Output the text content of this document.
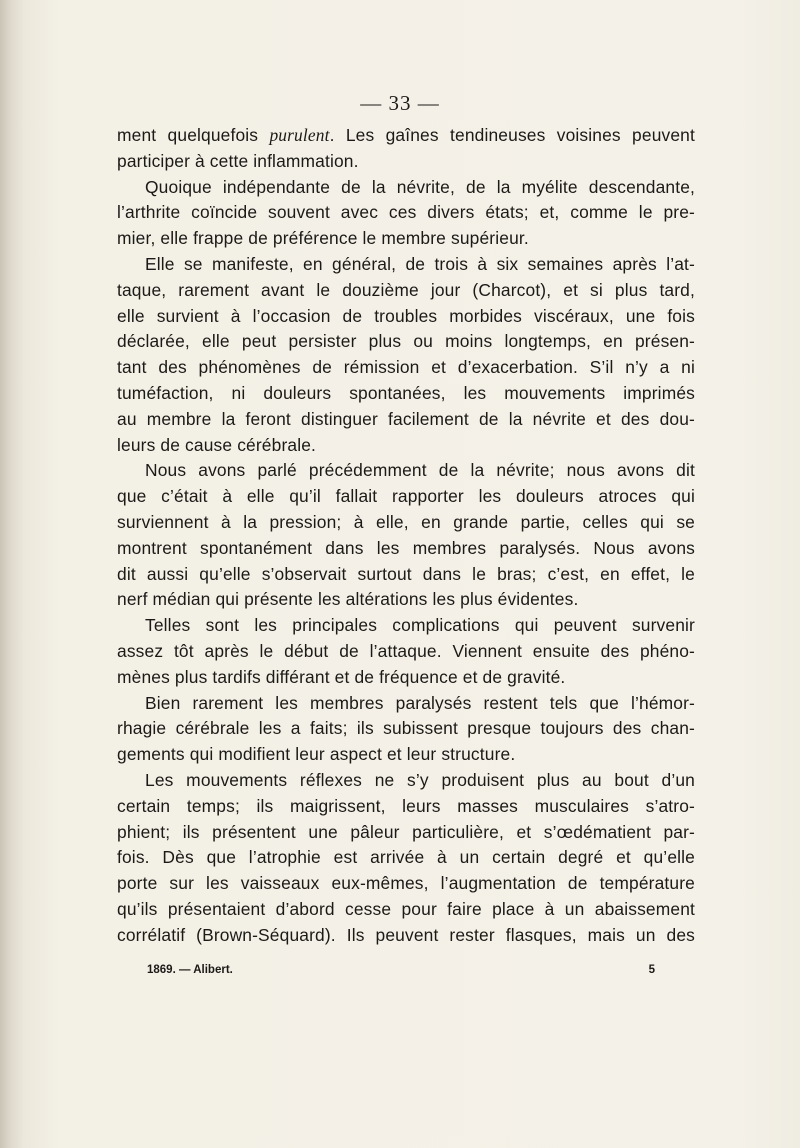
— 33 —
ment quelquefois purulent. Les gaînes tendineuses voisines peuvent
participer à cette inflammation.
Quoique indépendante de la névrite, de la myélite descendante,
l’arthrite coïncide souvent avec ces divers états; et, comme le pre-
mier, elle frappe de préférence le membre supérieur.
Elle se manifeste, en général, de trois à six semaines après l’at-
taque, rarement avant le douzième jour (Charcot), et si plus tard,
elle survient à l’occasion de troubles morbides viscéraux, une fois
déclarée, elle peut persister plus ou moins longtemps, en présen-
tant des phénomènes de rémission et d’exacerbation. S’il n’y a ni
tuméfaction, ni douleurs spontanées, les mouvements imprimés
au membre la feront distinguer facilement de la névrite et des dou-
leurs de cause cérébrale.
Nous avons parlé précédemment de la névrite; nous avons dit
que c’était à elle qu’il fallait rapporter les douleurs atroces qui
surviennent à la pression; à elle, en grande partie, celles qui se
montrent spontanément dans les membres paralysés. Nous avons
dit aussi qu’elle s’observait surtout dans le bras; c’est, en effet, le
nerf médian qui présente les altérations les plus évidentes.
Telles sont les principales complications qui peuvent survenir
assez tôt après le début de l’attaque. Viennent ensuite des phéno-
mènes plus tardifs différant et de fréquence et de gravité.
Bien rarement les membres paralysés restent tels que l’hémor-
rhagie cérébrale les a faits; ils subissent presque toujours des chan-
gements qui modifient leur aspect et leur structure.
Les mouvements réflexes ne s’y produisent plus au bout d’un
certain temps; ils maigrissent, leurs masses musculaires s’atro-
phient; ils présentent une pâleur particulière, et s’œdématient par-
fois. Dès que l’atrophie est arrivée à un certain degré et qu’elle
porte sur les vaisseaux eux-mêmes, l’augmentation de température
qu’ils présentaient d’abord cesse pour faire place à un abaissement
corrélatif (Brown-Séquard). Ils peuvent rester flasques, mais un des
1869. — Alibert.	5
